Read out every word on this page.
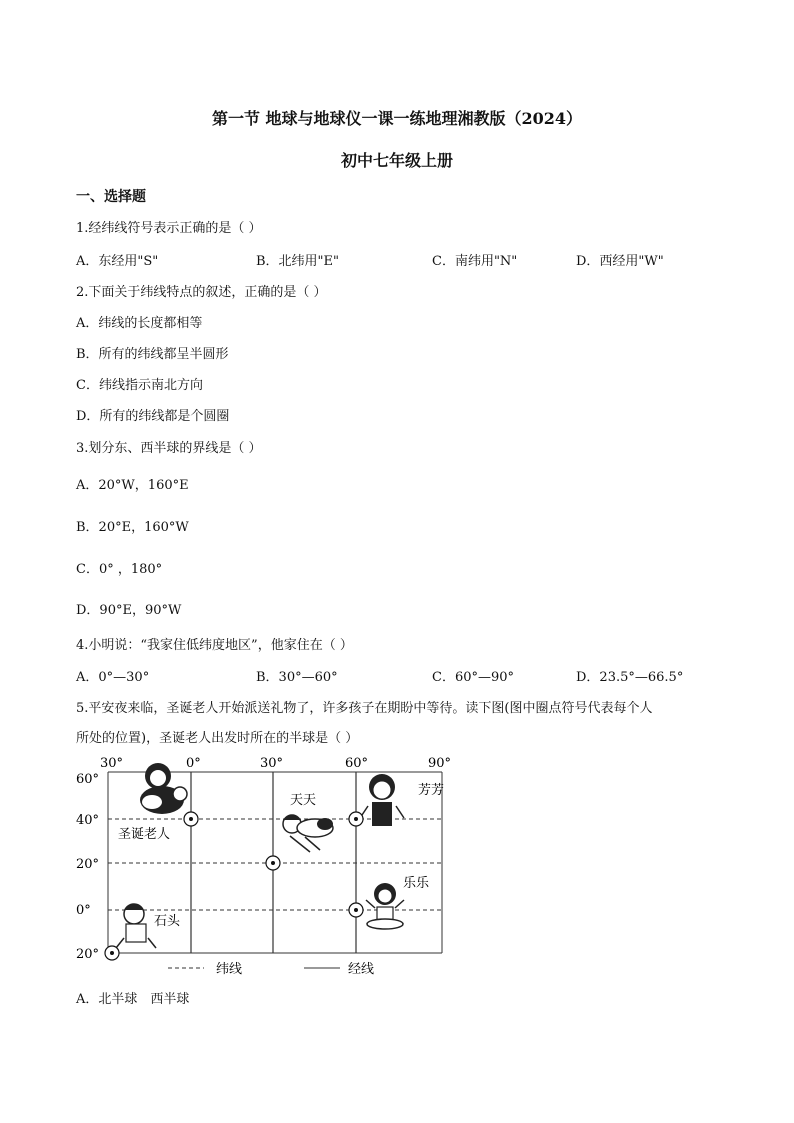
第一节 地球与地球仪一课一练地理湘教版（2024）
初中七年级上册
一、选择题
1.经纬线符号表示正确的是（ ）
A．东经用"S"	B．北纬用"E"	C．南纬用"N"	D．西经用"W"
2.下面关于纬线特点的叙述，正确的是（ ）
A．纬线的长度都相等
B．所有的纬线都呈半圆形
C．纬线指示南北方向
D．所有的纬线都是个圆圈
3.划分东、西半球的界线是（ ）
A．20°W，160°E
B．20°E，160°W
C．0° ，180°
D．90°E，90°W
4.小明说：“我家住低纬度地区”，他家住在（ ）
A．0°—30°	B．30°—60°	C．60°—90°	D．23.5°—66.5°
5.平安夜来临，圣诞老人开始派送礼物了，许多孩子在期盼中等待。读下图(图中圈点符号代表每个人
所处的位置)，圣诞老人出发时所在的半球是（ ）
30°	0°	30°	60°	90°
60°
40°
20°
0°
20°
圣诞老人
天天
芳芳
乐乐
石头
纬线	经线
A．北半球　西半球
